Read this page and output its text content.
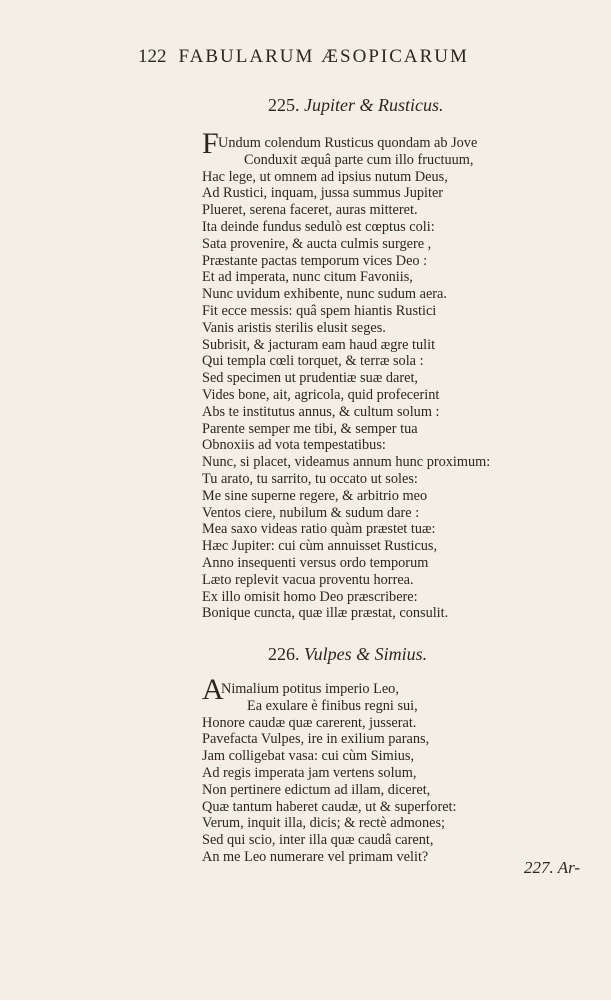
122 FABULARUM ÆSOPICARUM
225. Jupiter & Rusticus.
F Undum colendum Rusticus quondam ab Jove
Conduxit æquâ parte cum illo fructuum,
Hac lege, ut omnem ad ipsius nutum Deus,
Ad Rustici, inquam, jussa summus Jupiter
Plueret, serena faceret, auras mitteret.
Ita deinde fundus sedulò est cœptus coli:
Sata provenire, & aucta culmis surgere ,
Præstante pactas temporum vices Deo :
Et ad imperata, nunc citum Favoniis,
Nunc uvidum exhibente, nunc sudum aera.
Fit ecce messis: quâ spem hiantis Rustici
Vanis aristis sterilis elusit seges.
Subrisit, & jacturam eam haud ægre tulit
Qui templa cœli torquet, & terræ sola :
Sed specimen ut prudentiæ suæ daret,
Vides bone, ait, agricola, quid profecerint
Abs te institutus annus, & cultum solum :
Parente semper me tibi, & semper tua
Obnoxiis ad vota tempestatibus:
Nunc, si placet, videamus annum hunc proximum:
Tu arato, tu sarrito, tu occato ut soles:
Me sine superne regere, & arbitrio meo
Ventos ciere, nubilum & sudum dare :
Mea saxo videas ratio quàm præstet tuæ:
Hæc Jupiter: cui cùm annuisset Rusticus,
Anno insequenti versus ordo temporum
Læto replevit vacua proventu horrea.
Ex illo omisit homo Deo præscribere:
Bonique cuncta, quæ illæ præstat, consulit.
226. Vulpes & Simius.
A
Nimalium potitus imperio Leo,
Ea exulare è finibus regni sui,
Honore caudæ quæ carerent, jusserat.
Pavefacta Vulpes, ire in exilium parans,
Jam colligebat vasa: cui cùm Simius,
Ad regis imperata jam vertens solum,
Non pertinere edictum ad illam, diceret,
Quæ tantum haberet caudæ, ut & superforet:
Verum, inquit illa, dicis; & rectè admones;
Sed qui scio, inter illa quæ caudâ carent,
An me Leo numerare vel primam velit?
227. Ar-
